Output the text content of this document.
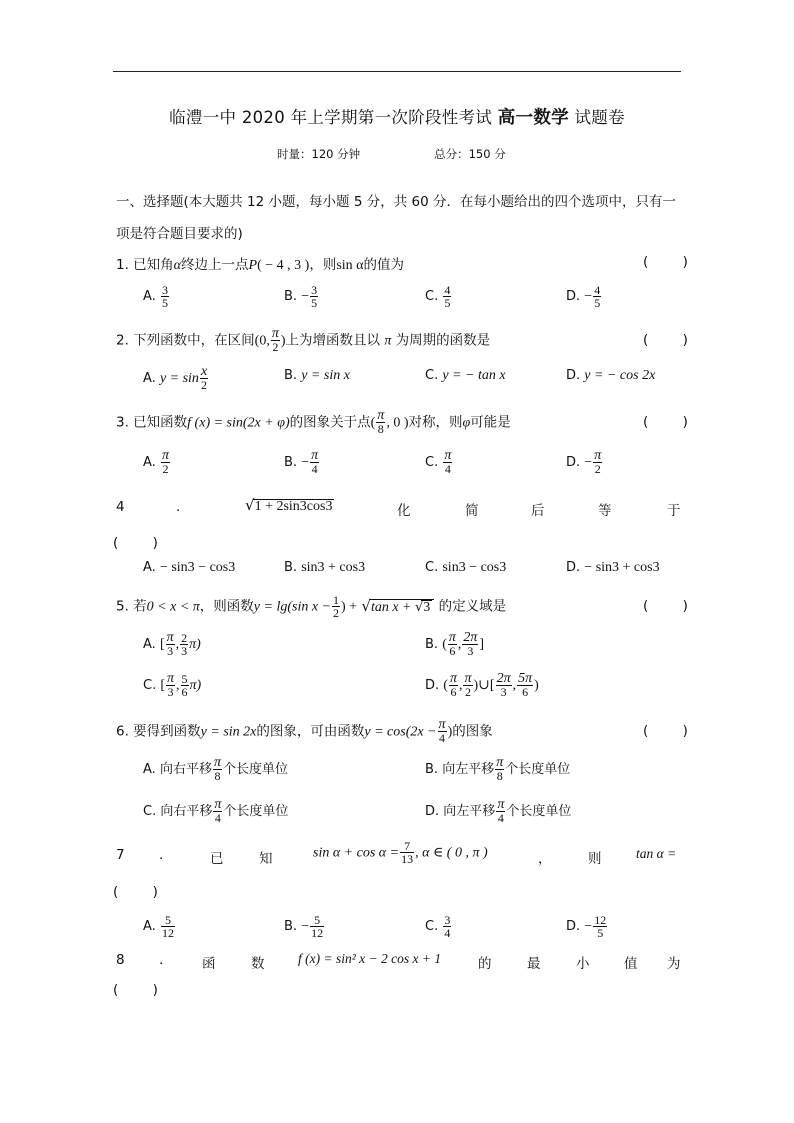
临澧一中 2020 年上学期第一次阶段性考试 高一数学 试题卷
时量：120 分钟	总分：150 分
一、选择题(本大题共 12 小题，每小题 5 分，共 60 分．在每小题给出的四个选项中，只有一项是符合题目要求的)
1. 已知角α终边上一点P( − 4 , 3 )，则sin α的值为	(        )
A. $\frac{3}{5}$	B. − $\frac{3}{5}$	C. $\frac{4}{5}$	D. − $\frac{4}{5}$
2. 下列函数中，在区间(0, $\frac{\pi}{2}$ )上为增函数且以 π 为周期的函数是	(        )
A. $y = \sin \frac{x}{2}$	B. y = sin x	C. y = − tan x	D. y = − cos 2x
3. 已知函数f (x) = sin(2x + φ)的图象关于点( $\frac{\pi}{8}$ , 0 )对称，则φ可能是	(        )
A. $\frac{\pi}{2}$	B. − $\frac{\pi}{4}$	C. $\frac{\pi}{4}$	D. − $\frac{\pi}{2}$
4	.	√1 + 2sin3cos3	化	简	后	等	于
(        )
A. − sin3 − cos3	B. sin3 + cos3	C. sin3 − cos3	D. − sin3 + cos3
5. 若0 < x < π，则函数y = lg(sin $x - \frac{1}{2}$ ) + √tan x + √3 的定义域是	(        )
A. [ $\frac{\pi}{3}$ , $\frac{2}{3} \pi$)	B. ( $\frac{\pi}{6}$ , $\frac{2\pi}{3}$ ]
C. [ $\frac{\pi}{3}$ , $\frac{5}{6} \pi$)	D. ( $\frac{\pi}{6}$ , $\frac{\pi}{2}$ )∪[ $\frac{2\pi}{3}$ , $\frac{5\pi}{6}$ )
6. 要得到函数y = sin 2x的图象，可由函数$y = \cos(2x - \frac{\pi}{4}$ )的图象	(        )
A. 向右平移 $\frac{\pi}{8}$ 个长度单位	B. 向左平移 $\frac{\pi}{8}$ 个长度单位
C. 向右平移 $\frac{\pi}{4}$ 个长度单位	D. 向左平移 $\frac{\pi}{4}$ 个长度单位
7	.	已	知	$\sin \alpha + \cos \alpha = \frac{7}{13}$ , α ∈ ( 0 , π )	，	则	tan α =
(        )
A. $\frac{5}{12}$	B. − $\frac{5}{12}$	C. $\frac{3}{4}$	D. − $\frac{12}{5}$
8	.	函	数 f (x) = sin² x − 2 cos x + 1	的	最	小	值 为
(        )
